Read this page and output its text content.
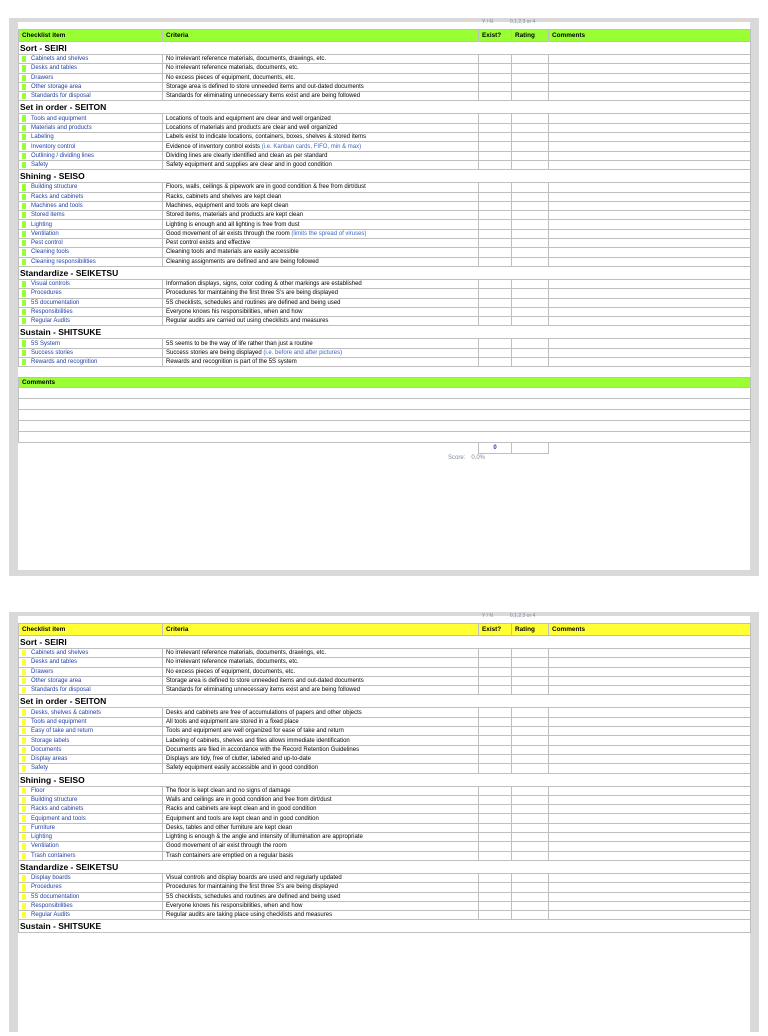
Y / N	0,1,2,3 or 4
Checklist item	Criteria	Exist?	Rating	Comments
Sort - SEIRI				

Cabinets and shelves	No irrelevant reference materials, documents, drawings, etc.			

Desks and tables	No irrelevant reference materials, documents, etc.			

Drawers	No excess pieces of equipment, documents, etc.			

Other storage area	Storage area is defined to store unneeded items and out-dated documents			

Standards for disposal	Standards for eliminating unnecessary items exist and are being followed			
Set in order - SEITON				

Tools and equipment	Locations of tools and equipment are clear and well organized			

Materials and products	Locations of materials and products are clear and well organized			

Labeling	Labels exist to indicate locations, containers, boxes, shelves & stored items			

Inventory control	Evidence of inventory control exists (i.e. Kanban cards, FIFO, min & max)			

Outlining / dividing lines	Dividing lines are clearly identified and clean as per standard			

Safety	Safety equipment and supplies are clear and in good condition			
Shining - SEISO				

Building structure	Floors, walls, ceilings & pipework are in good condition & free from dirt/dust			

Racks and cabinets	Racks, cabinets and shelves are kept clean			

Machines and tools	Machines, equipment and tools are kept clean			

Stored items	Stored items, materials and products are kept clean			

Lighting	Lighting is enough and all lighting is free from dust			

Ventilation	Good movement of air exists through the room (limits the spread of viruses)			

Pest control	Pest control exists and effective			

Cleaning tools	Cleaning tools and materials are easily accessible			

Cleaning responsibilities	Cleaning assignments are defined and are being followed			
Standardize - SEIKETSU				

Visual controls	Information displays, signs, color coding & other markings are established			

Procedures	Procedures for maintaining the first three S's are being displayed			

5S documentation	5S checklists, schedules and routines are defined and being used			

Responsibilities	Everyone knows his responsibilities, when and how			

Regular Audits	Regular audits are carried out using checklists and measures			
Sustain - SHITSUKE				

5S System	5S seems to be the way of life rather than just a routine			

Success stories	Success stories are being displayed (i.e. before and after pictures)			

Rewards and recognition	Rewards and recognition is part of the 5S system			
Comments

		0		
Score: 0.0%
Y / N	0,1,2,3 or 4
Checklist item	Criteria	Exist?	Rating	Comments
Sort - SEIRI				

Cabinets and shelves	No irrelevant reference materials, documents, drawings, etc.			

Desks and tables	No irrelevant reference materials, documents, etc.			

Drawers	No excess pieces of equipment, documents, etc.			

Other storage area	Storage area is defined to store unneeded items and out-dated documents			

Standards for disposal	Standards for eliminating unnecessary items exist and are being followed			
Set in order - SEITON				

Desks, shelves & cabinets	Desks and cabinets are free of accumulations of papers and other objects			

Tools and equipment	All tools and equipment are stored in a fixed place			

Easy of take and return	Tools and equipment are well organized for ease of take and return			

Storage labels	Labeling of cabinets, shelves and files allows immediate identification			

Documents	Documents are filed in accordance with the Record Retention Guidelines			

Display areas	Displays are tidy, free of clutter, labeled and up-to-date			

Safety	Safety equipment easily accessible and in good condition			
Shining - SEISO				

Floor	The floor is kept clean and no signs of damage			

Building structure	Walls and ceilings are in good condition and free from dirt/dust			

Racks and cabinets	Racks and cabinets are kept clean and in good condition			

Equipment and tools	Equipment and tools are kept clean and in good condition			

Furniture	Desks, tables and other furniture are kept clean			

Lighting	Lighting is enough & the angle and intensity of illumination are appropriate			

Ventilation	Good movement of air exist through the room			

Trash containers	Trash containers are emptied on a regular basis			
Standardize - SEIKETSU				

Display boards	Visual controls and display boards are used and regularly updated			

Procedures	Procedures for maintaining the first three S's are being displayed			

5S documentation	5S checklists, schedules and routines are defined and being used			

Responsibilities	Everyone knows his responsibilities, when and how			

Regular Audits	Regular audits are taking place using checklists and measures			
Sustain - SHITSUKE				
